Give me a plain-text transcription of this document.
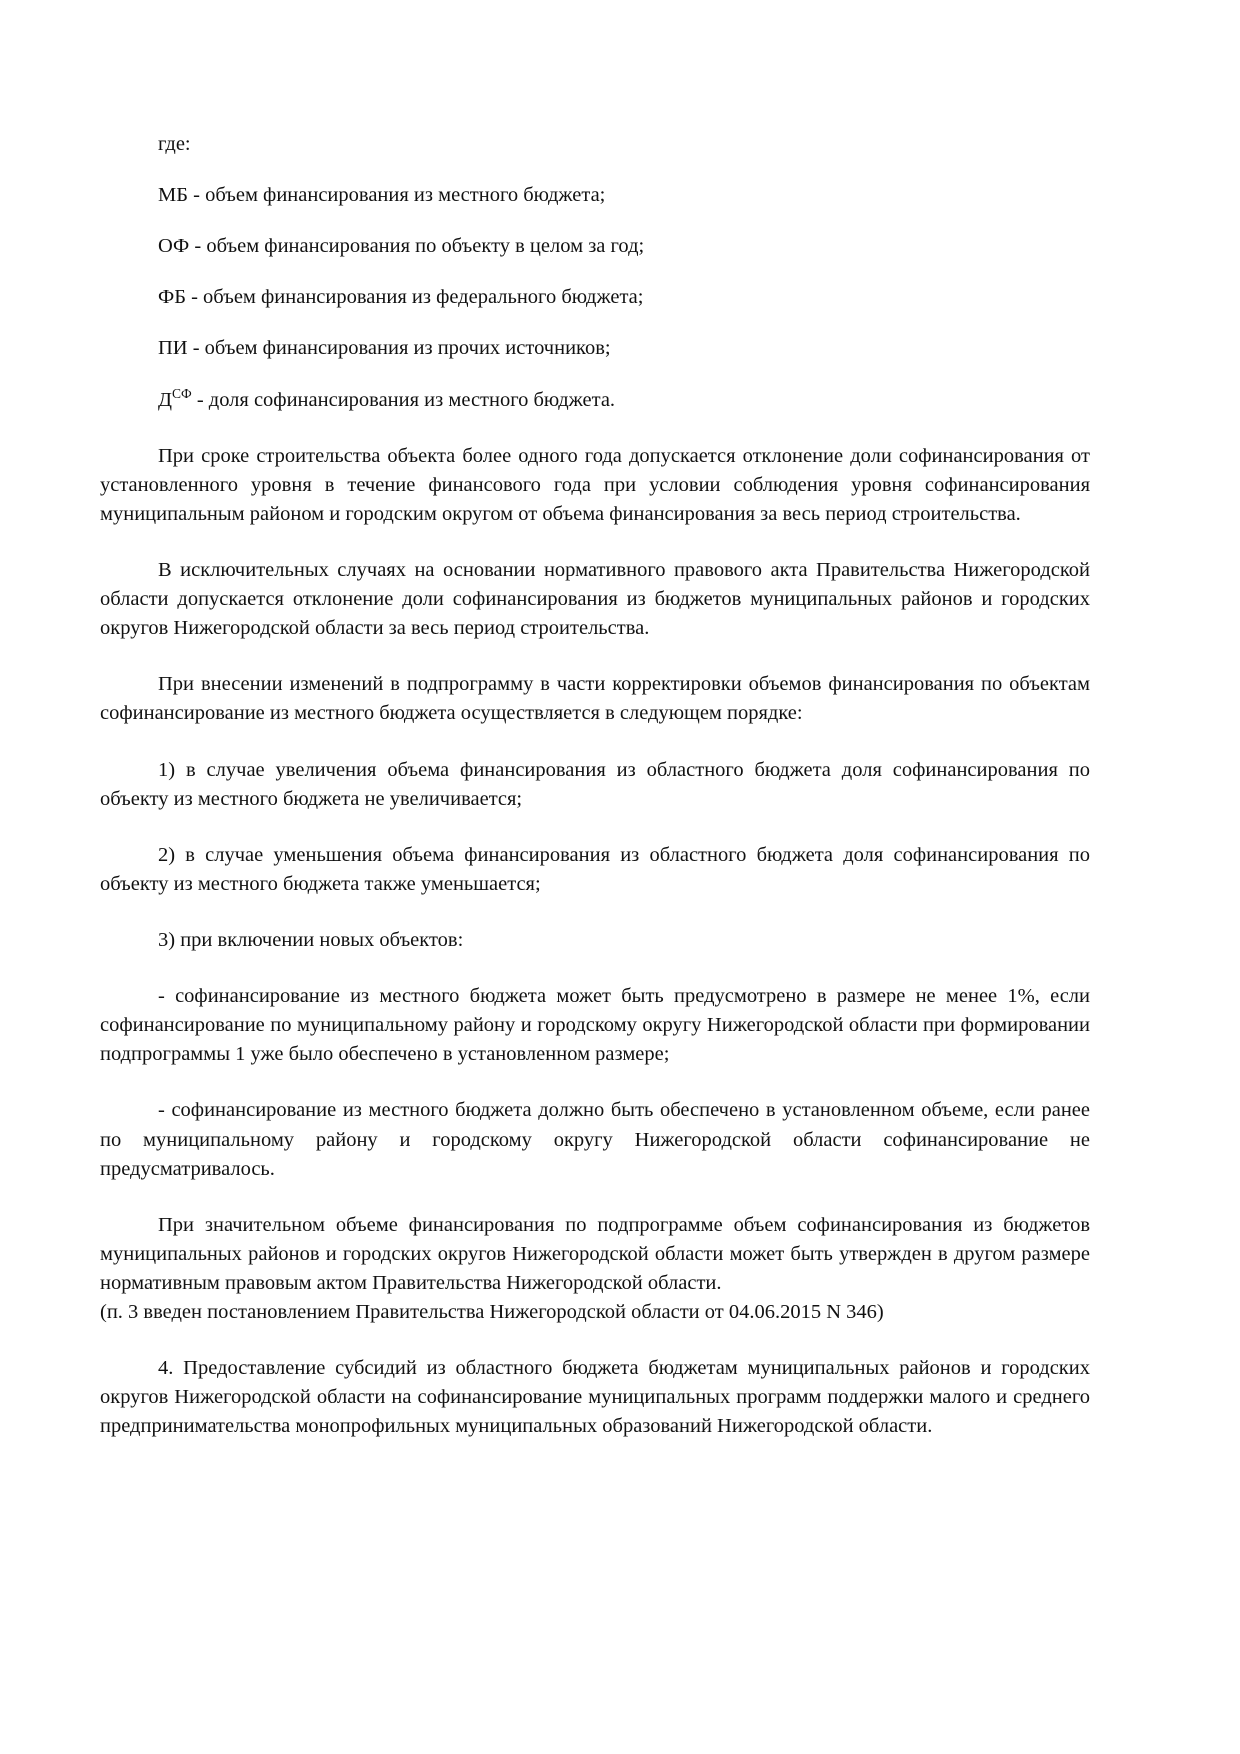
где:

МБ - объем финансирования из местного бюджета;

ОФ - объем финансирования по объекту в целом за год;

ФБ - объем финансирования из федерального бюджета;

ПИ - объем финансирования из прочих источников;

$Д^{СФ}$ - доля софинансирования из местного бюджета.

При сроке строительства объекта более одного года допускается отклонение доли софинансирования от установленного уровня в течение финансового года при условии соблюдения уровня софинансирования муниципальным районом и городским округом от объема финансирования за весь период строительства.

В исключительных случаях на основании нормативного правового акта Правительства Нижегородской области допускается отклонение доли софинансирования из бюджетов муниципальных районов и городских округов Нижегородской области за весь период строительства.

При внесении изменений в подпрограмму в части корректировки объемов финансирования по объектам софинансирование из местного бюджета осуществляется в следующем порядке:

1) в случае увеличения объема финансирования из областного бюджета доля софинансирования по объекту из местного бюджета не увеличивается;

2) в случае уменьшения объема финансирования из областного бюджета доля софинансирования по объекту из местного бюджета также уменьшается;

3) при включении новых объектов:

- софинансирование из местного бюджета может быть предусмотрено в размере не менее 1%, если софинансирование по муниципальному району и городскому округу Нижегородской области при формировании подпрограммы 1 уже было обеспечено в установленном размере;

- софинансирование из местного бюджета должно быть обеспечено в установленном объеме, если ранее по муниципальному району и городскому округу Нижегородской области софинансирование не предусматривалось.

При значительном объеме финансирования по подпрограмме объем софинансирования из бюджетов муниципальных районов и городских округов Нижегородской области может быть утвержден в другом размере нормативным правовым актом Правительства Нижегородской области.

(п. 3 введен постановлением Правительства Нижегородской области от 04.06.2015 N 346)

4. Предоставление субсидий из областного бюджета бюджетам муниципальных районов и городских округов Нижегородской области на софинансирование муниципальных программ поддержки малого и среднего предпринимательства монопрофильных муниципальных образований Нижегородской области.
